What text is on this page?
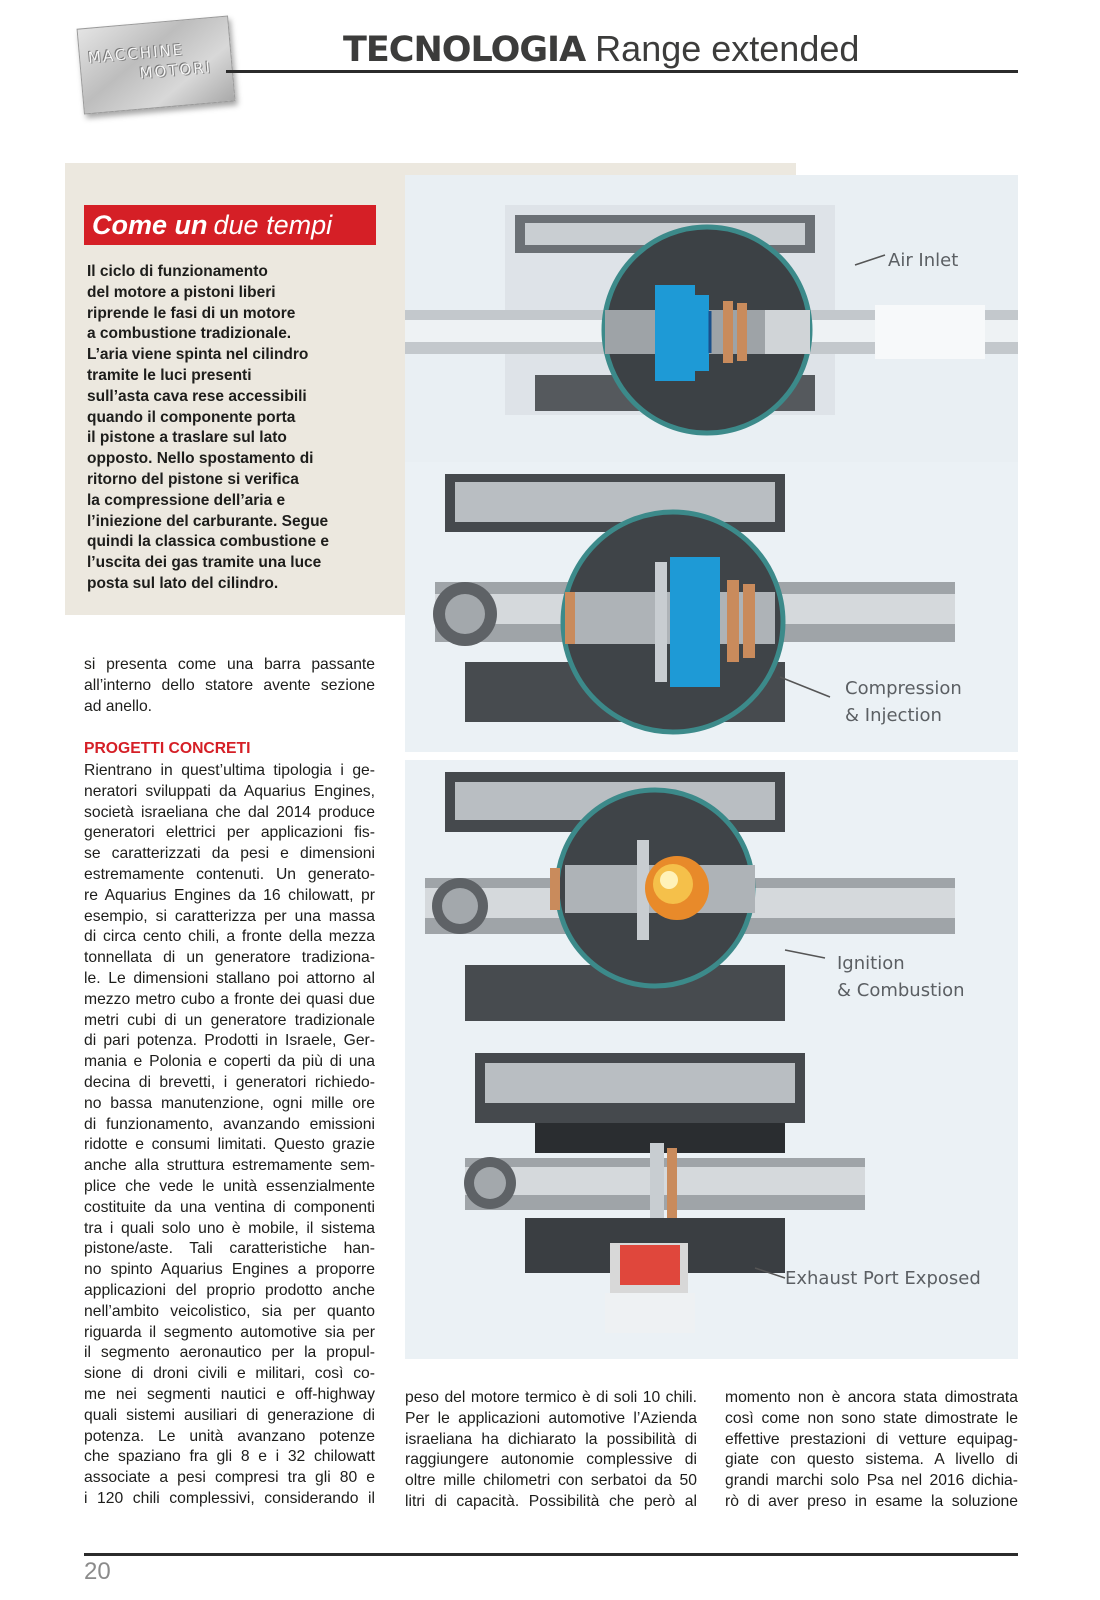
MACCHINE
MOTORI
TECNOLOGIA Range extended
Come un due tempi
Il ciclo di funzionamento
del motore a pistoni liberi
riprende le fasi di un motore
a combustione tradizionale.
L’aria viene spinta nel cilindro
tramite le luci presenti
sull’asta cava rese accessibili
quando il componente porta
il pistone a traslare sul lato
opposto. Nello spostamento di
ritorno del pistone si verifica
la compressione dell’aria e
l’iniezione del carburante. Segue
quindi la classica combustione e
l’uscita dei gas tramite una luce
posta sul lato del cilindro.
Air Inlet
Compression
& Injection
Ignition
& Combustion
Exhaust Port Exposed
si presenta come una barra passante
all’interno dello statore avente sezione
ad anello.
PROGETTI CONCRETI
Rientrano in quest’ultima tipologia i ge-
neratori sviluppati da Aquarius Engines,
società israeliana che dal 2014 produce
generatori elettrici per applicazioni fis-
se caratterizzati da pesi e dimensioni
estremamente contenuti. Un generato-
re Aquarius Engines da 16 chilowatt, pr
esempio, si caratterizza per una massa
di circa cento chili, a fronte della mezza
tonnellata di un generatore tradiziona-
le. Le dimensioni stallano poi attorno al
mezzo metro cubo a fronte dei quasi due
metri cubi di un generatore tradizionale
di pari potenza. Prodotti in Israele, Ger-
mania e Polonia e coperti da più di una
decina di brevetti, i generatori richiedo-
no bassa manutenzione, ogni mille ore
di funzionamento, avanzando emissioni
ridotte e consumi limitati. Questo grazie
anche alla struttura estremamente sem-
plice che vede le unità essenzialmente
costituite da una ventina di componenti
tra i quali solo uno è mobile, il sistema
pistone/aste. Tali caratteristiche han-
no spinto Aquarius Engines a proporre
applicazioni del proprio prodotto anche
nell’ambito veicolistico, sia per quanto
riguarda il segmento automotive sia per
il segmento aeronautico per la propul-
sione di droni civili e militari, così co-
me nei segmenti nautici e off-highway
quali sistemi ausiliari di generazione di
potenza. Le unità avanzano potenze
che spaziano fra gli 8 e i 32 chilowatt
associate a pesi compresi tra gli 80 e
i 120 chili complessivi, considerando il
peso del motore termico è di soli 10 chili.
Per le applicazioni automotive l’Azienda
israeliana ha dichiarato la possibilità di
raggiungere autonomie complessive di
oltre mille chilometri con serbatoi da 50
litri di capacità. Possibilità che però al
momento non è ancora stata dimostrata
così come non sono state dimostrate le
effettive prestazioni di vetture equipag-
giate con questo sistema. A livello di
grandi marchi solo Psa nel 2016 dichia-
rò di aver preso in esame la soluzione
20
